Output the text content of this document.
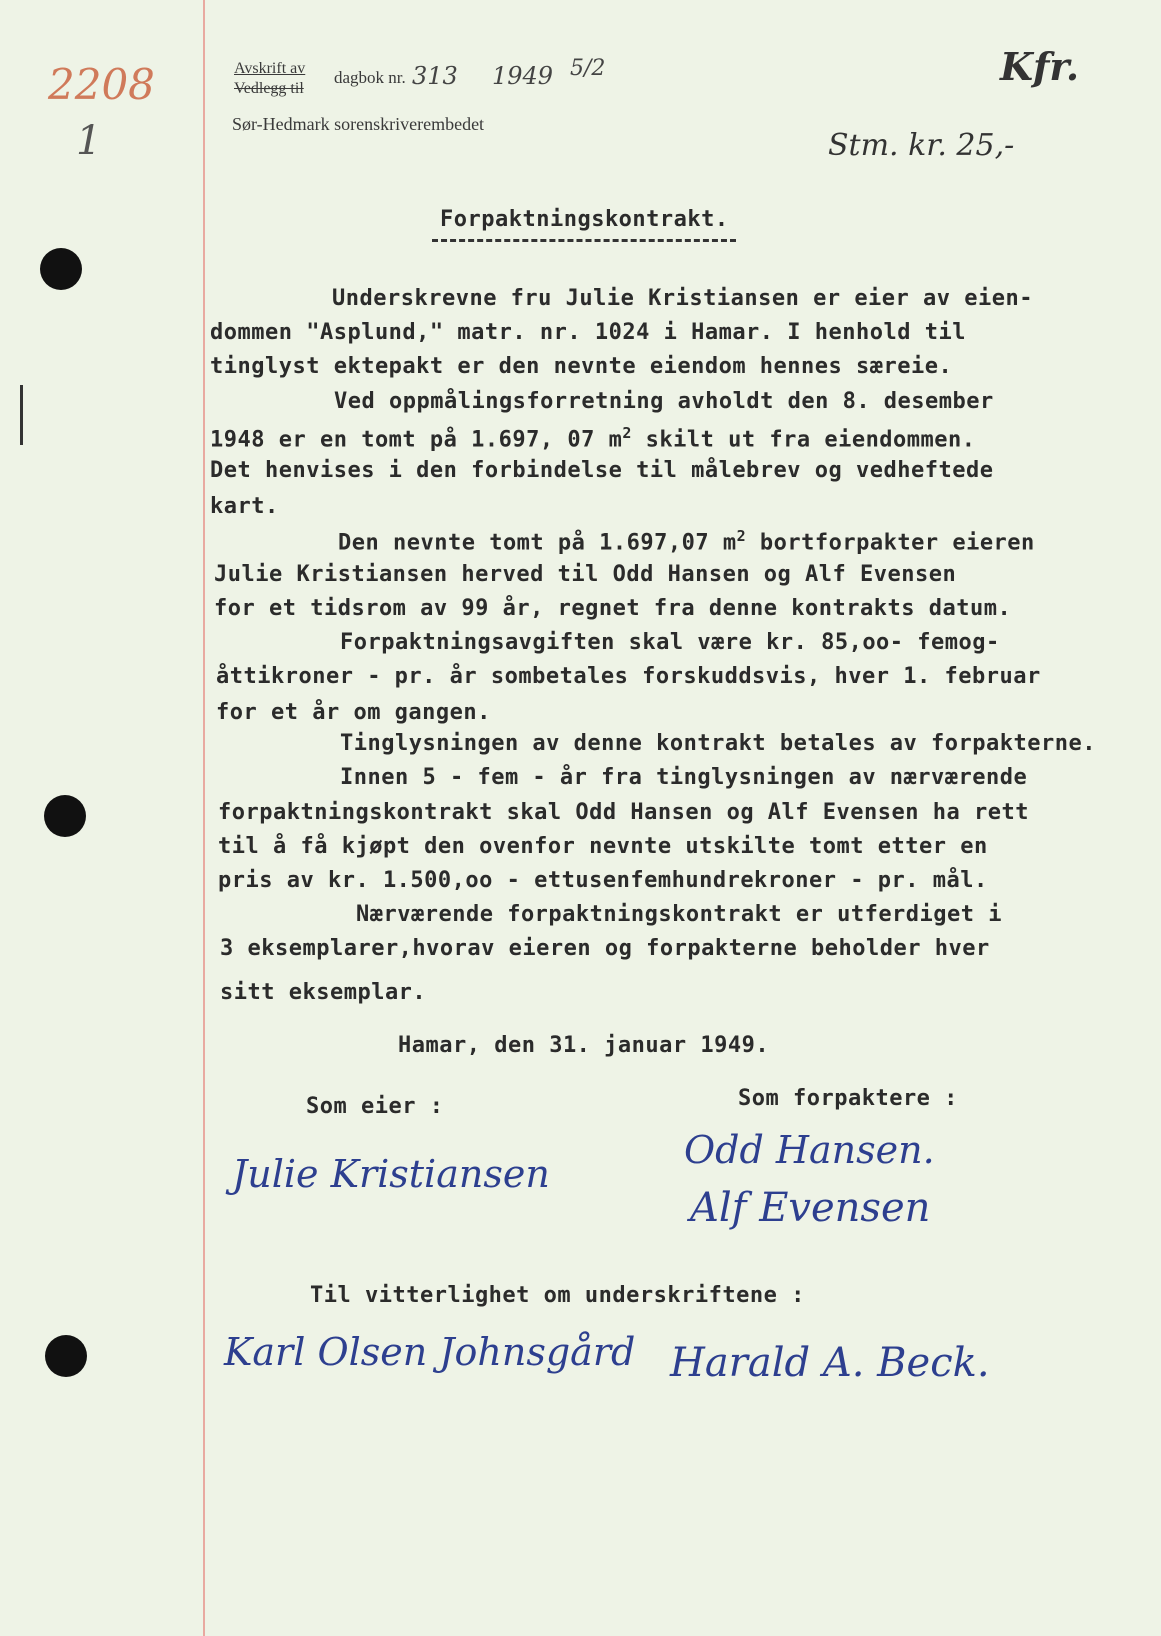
2208
1
Kfr.
Stm. kr. 25,-
Avskrift av
Vedlegg til
dagbok nr. 313 1949 5/2
Sør-Hedmark sorenskriverembedet
Forpaktningskontrakt.
Underskrevne fru Julie Kristiansen er eier av eien-
dommen "Asplund," matr. nr. 1024 i Hamar. I henhold til
tinglyst ektepakt er den nevnte eiendom hennes særeie.
Ved oppmålingsforretning avholdt den 8. desember
1948 er en tomt på 1.697, 07 $m^2$ skilt ut fra eiendommen.
Det henvises i den forbindelse til målebrev og vedheftede
kart.
Den nevnte tomt på 1.697,07 $m^2$ bortforpakter eieren
Julie Kristiansen herved til Odd Hansen og Alf Evensen
for et tidsrom av 99 år, regnet fra denne kontrakts datum.
Forpaktningsavgiften skal være kr. 85,oo- femog-
åttikroner - pr. år sombetales forskuddsvis, hver 1. februar
for et år om gangen.
Tinglysningen av denne kontrakt betales av forpakterne.
Innen 5 - fem - år fra tinglysningen av nærværende
forpaktningskontrakt skal Odd Hansen og Alf Evensen ha rett
til å få kjøpt den ovenfor nevnte utskilte tomt etter en
pris av kr. 1.500,oo - ettusenfemhundrekroner - pr. mål.
Nærværende forpaktningskontrakt er utferdiget i
3 eksemplarer,hvorav eieren og forpakterne beholder hver
sitt eksemplar.
Hamar, den 31. januar 1949.
Som eier :	Som forpaktere :
Julie Kristiansen
Odd Hansen.
Alf Evensen
Til vitterlighet om underskriftene :
Karl Olsen Johnsgård Harald A. Beck.
